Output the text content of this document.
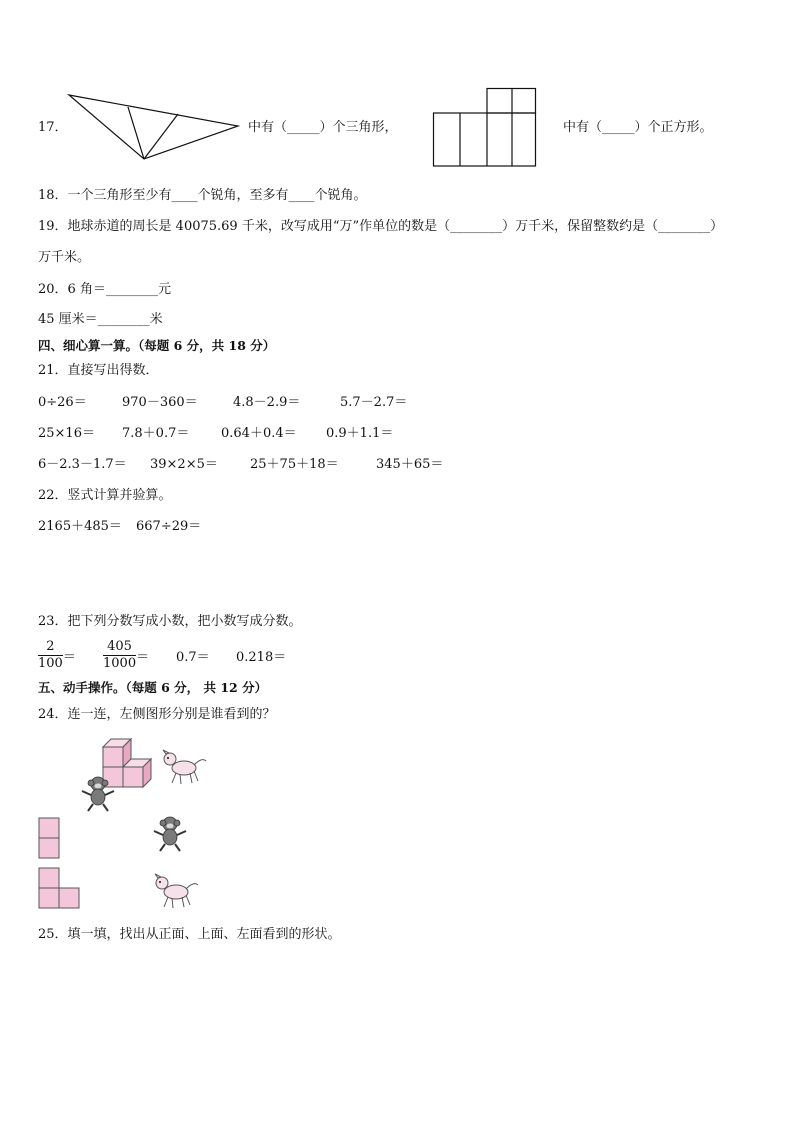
17．	中有（_____）个三角形，	中有（_____）个正方形。
18．一个三角形至少有____个锐角，至多有____个锐角。
19．地球赤道的周长是 40075.69 千米，改写成用“万”作单位的数是（________）万千米，保留整数约是（________）
万千米。
20．6 角＝________元
45 厘米＝________米
四、细心算一算。（每题 6 分，共 18 分）
21．直接写出得数．
0÷26＝	970－360＝	4.8－2.9＝	5.7－2.7＝
25×16＝ 7.8＋0.7＝ 0.64＋0.4＝ 0.9＋1.1＝
6－2.3－1.7＝ 39×2×5＝ 25＋75＋18＝	345＋65＝
22．竖式计算并验算。
2165＋485＝ 667÷29＝
23．把下列分数写成小数，把小数写成分数。
$\frac{2}{100} = \frac{405}{1000} = 0.7= 0.218=$
五、动手操作。（每题 6 分， 共 12 分）
24．连一连，左侧图形分别是谁看到的？
25．填一填，找出从正面、上面、左面看到的形状。
